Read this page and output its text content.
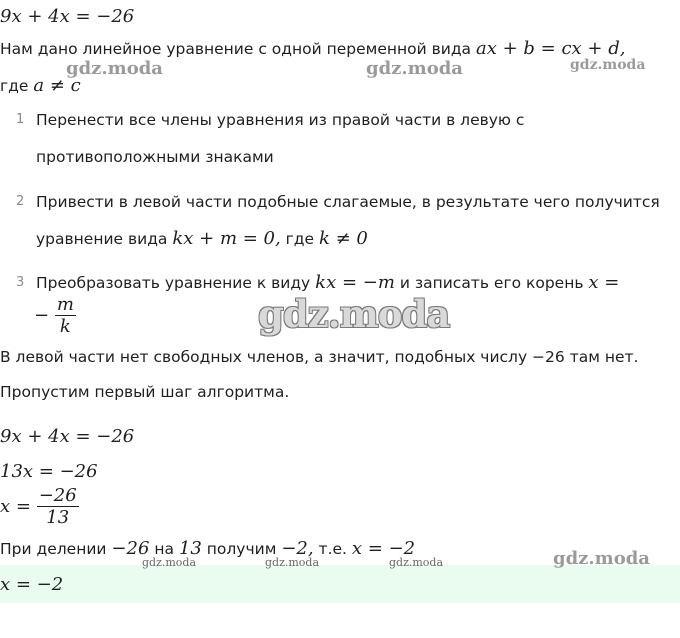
9x + 4x = −26
Нам дано линейное уравнение с одной переменной вида ax + b = cx + d,
где a ≠ c
1 Перенести все члены уравнения из правой части в левую с
противоположными знаками
2 Привести в левой части подобные слагаемые, в результате чего получится
уравнение вида kx + m = 0, где k ≠ 0
3 Преобразовать уравнение к виду kx = −m и записать его корень x =
− $\frac{m}{k}$
В левой части нет свободных членов, а значит, подобных числу −26 там нет.
Пропустим первый шаг алгоритма.
9x + 4x = −26
13x = −26
$x = \frac{-26}{13}$
При делении −26 на 13 получим −2, т.е. x = −2
x = −2
gdz.moda	gdz.moda	gdz.moda
gdz.moda
gdz.moda
gdz.moda	gdz.moda	gdz.moda
